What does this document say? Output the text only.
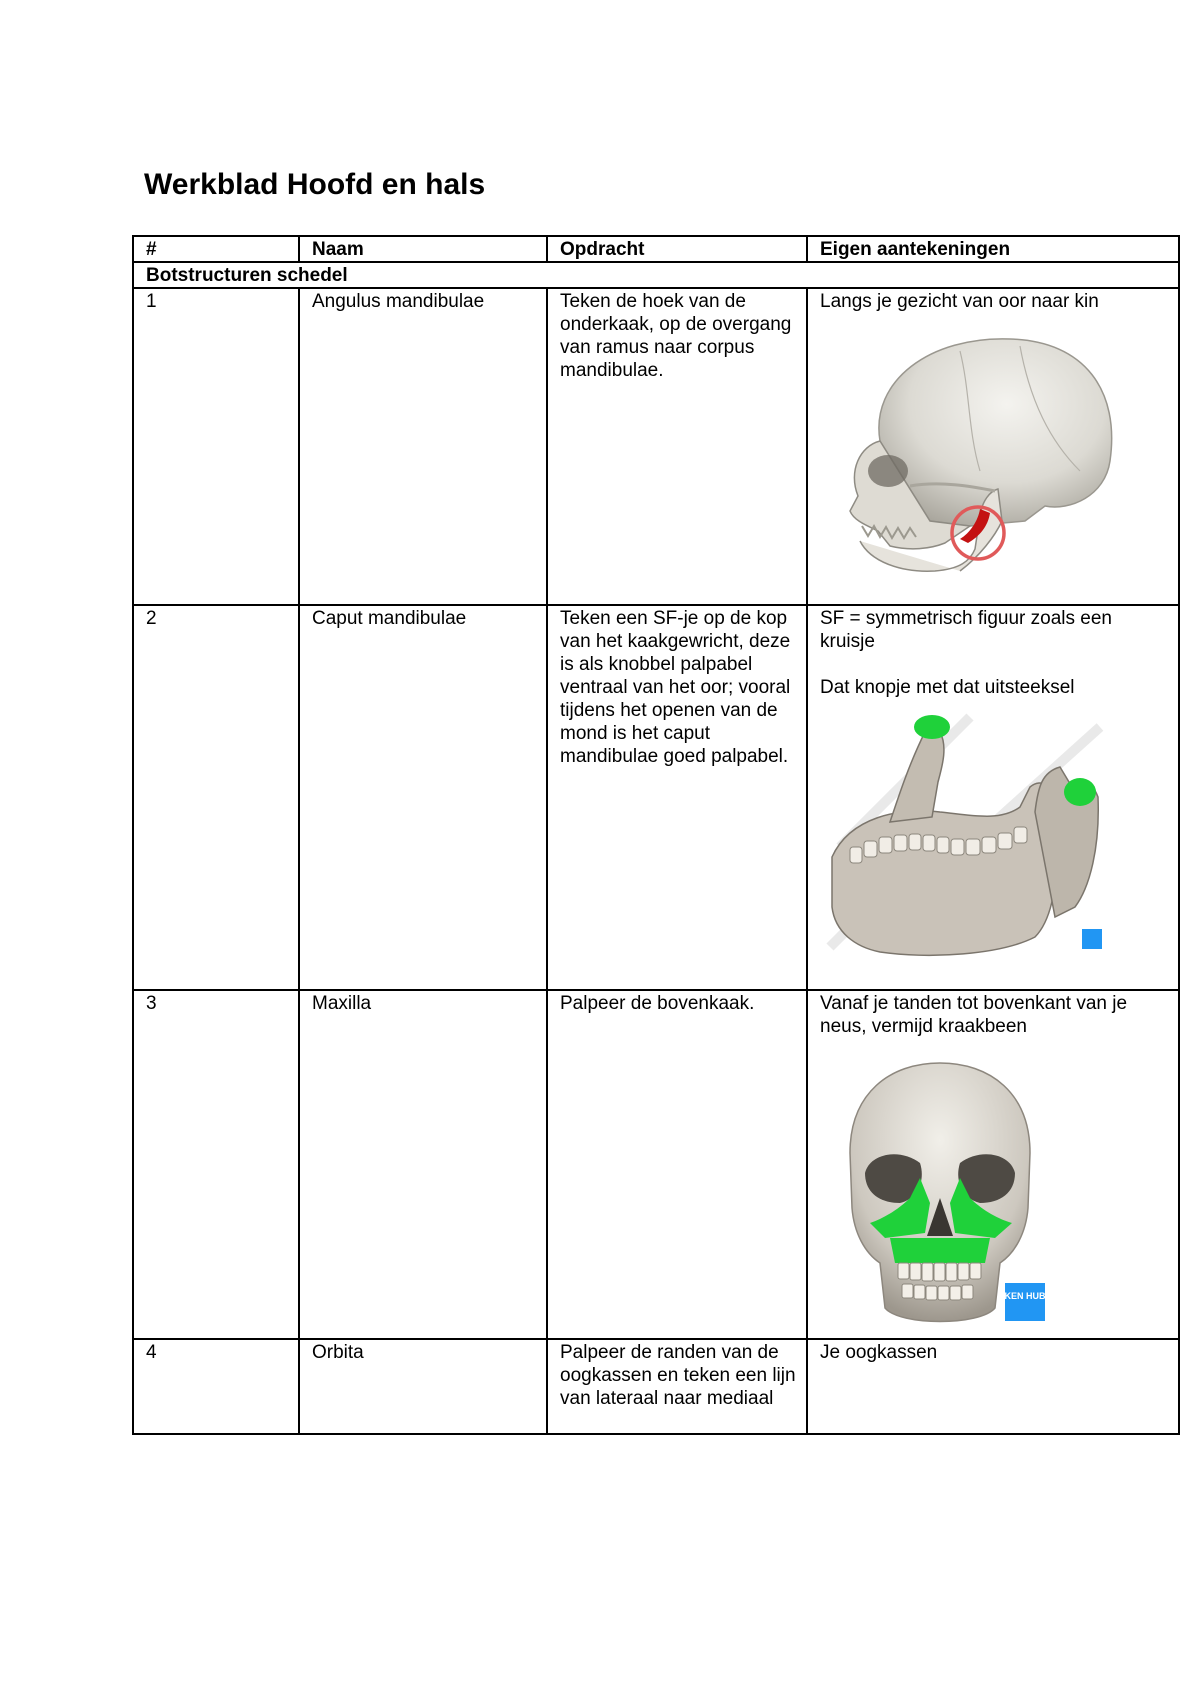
Werkblad Hoofd en hals
#	Naam	Opdracht	Eigen aantekeningen
Botstructuren schedel			
1	Angulus mandibulae	Teken de hoek van de onderkaak, op de overgang van ramus naar corpus mandibulae.	Langs je gezicht van oor naar kin

2	Caput mandibulae	Teken een SF-je op de kop van het kaakgewricht, deze is als knobbel palpabel ventraal van het oor; vooral tijdens het openen van de mond is het caput mandibulae goed palpabel.	SF = symmetrisch figuur zoals een kruisje

Dat knopje met dat uitsteeksel

3	Maxilla	Palpeer de bovenkaak.	Vanaf je tanden tot bovenkant van je neus, vermijd kraakbeen

KEN HUB

4	Orbita	Palpeer de randen van de oogkassen en teken een lijn van lateraal naar mediaal	Je oogkassen
